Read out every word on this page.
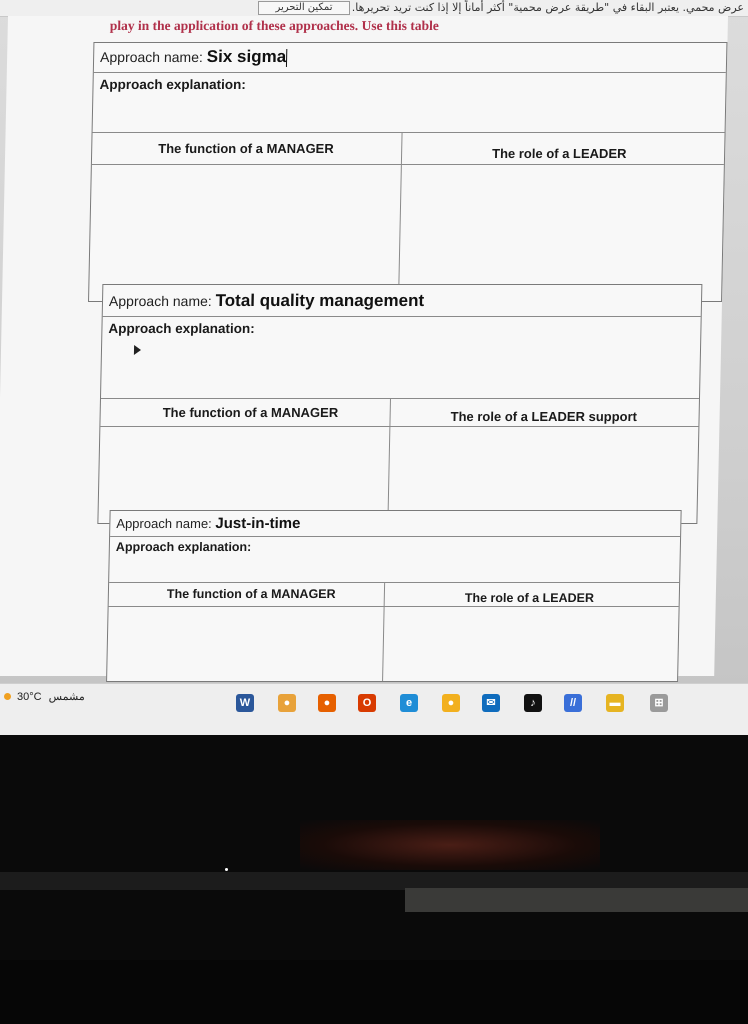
عرض محمي. يعتبر البقاء في "طريقة عرض محمية" أكثر أماناً إلا إذا كنت تريد تحريرها.
تمكين التحرير
play in the application of these approaches. Use this table
Approach name: Six sigma
Approach explanation:
The function of a MANAGER	The role of a LEADER
Approach name: Total quality management
Approach explanation:
The function of a MANAGER	The role of a LEADER support
Approach name: Just-in-time
Approach explanation:
The function of a MANAGER	The role of a LEADER
30°C مشمس	W	●	●	O	e	●	✉	♪	//	▬	⊞
